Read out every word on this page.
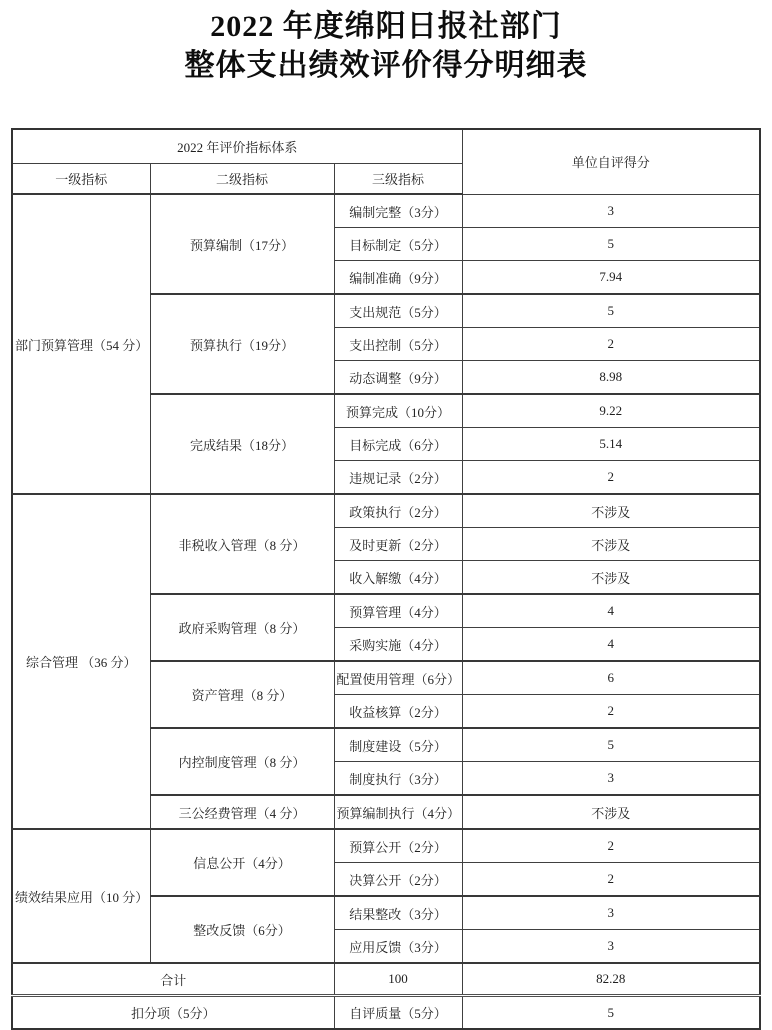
2022 年度绵阳日报社部门
整体支出绩效评价得分明细表
2022 年评价指标体系			单位自评得分
一级指标	二级指标	三级指标	
部门预算管理（54 分）	预算编制（17分）	编制完整（3分）	3
		目标制定（5分）	5
		编制准确（9分）	7.94
	预算执行（19分）	支出规范（5分）	5
		支出控制（5分）	2
		动态调整（9分）	8.98
	完成结果（18分）	预算完成（10分）	9.22
		目标完成（6分）	5.14
		违规记录（2分）	2
综合管理 （36 分）	非税收入管理（8 分）	政策执行（2分）	不涉及
		及时更新（2分）	不涉及
		收入解缴（4分）	不涉及
	政府采购管理（8 分）	预算管理（4分）	4
		采购实施（4分）	4
	资产管理（8 分）	配置使用管理（6分）	6
		收益核算（2分）	2
	内控制度管理（8 分）	制度建设（5分）	5
		制度执行（3分）	3
	三公经费管理（4 分）	预算编制执行（4分）	不涉及
绩效结果应用（10 分）	信息公开（4分）	预算公开（2分）	2
		决算公开（2分）	2
	整改反馈（6分）	结果整改（3分）	3
		应用反馈（3分）	3
合计		100	82.28
扣分项（5分）		自评质量（5分）	5
